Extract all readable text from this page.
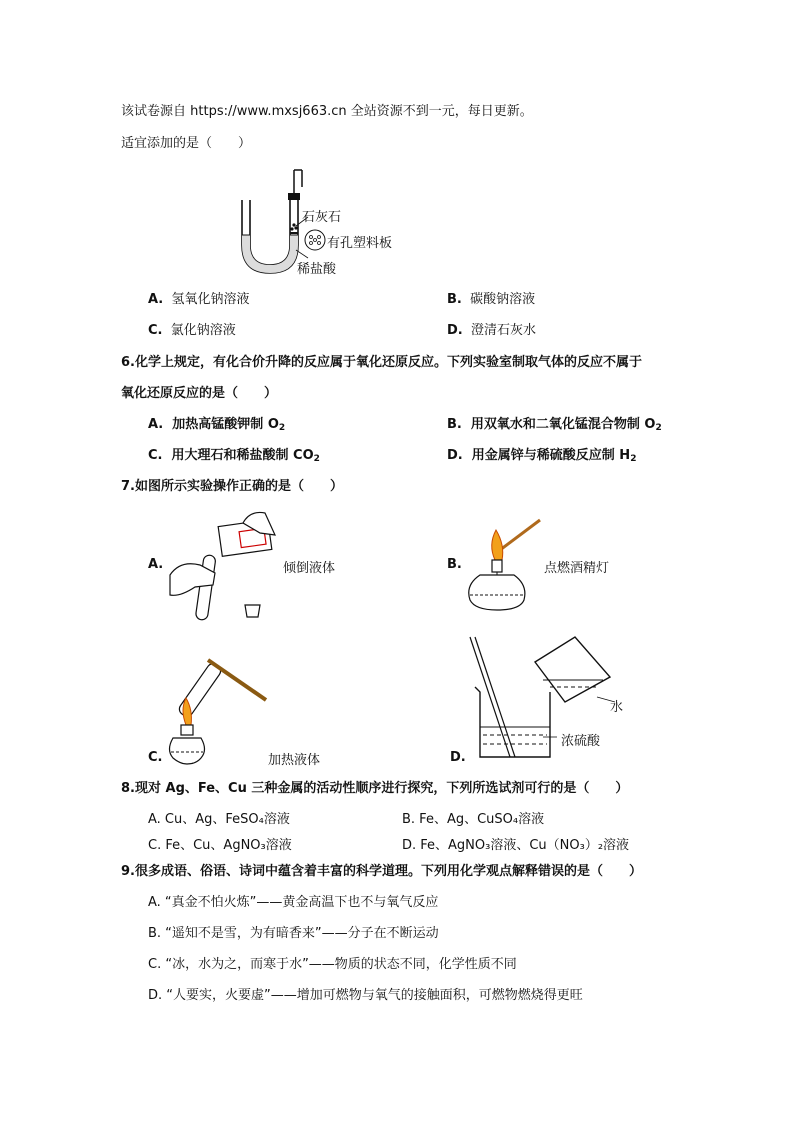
该试卷源自 https://www.mxsj663.cn 全站资源不到一元，每日更新。
适宜添加的是（　　）
石灰石
有孔塑料板
稀盐酸
A. 氢氧化钠溶液	B. 碳酸钠溶液
C. 氯化钠溶液	D. 澄清石灰水
6.化学上规定，有化合价升降的反应属于氧化还原反应。下列实验室制取气体的反应不属于
氧化还原反应的是（　　）
A.  加热高锰酸钾制 $O_2$	B.  用双氧水和二氧化锰混合物制 $O_2$
C.  用大理石和稀盐酸制 $CO_2$	D.  用金属锌与稀硫酸反应制 $H_2$
7.如图所示实验操作正确的是（　　）
A.	倾倒液体	B.	点燃酒精灯
C.	加热液体	D.
水
浓硫酸
8.现对 Ag、Fe、Cu 三种金属的活动性顺序进行探究，下列所选试剂可行的是（　　）
A. Cu、Ag、FeSO₄溶液	B. Fe、Ag、CuSO₄溶液
C. Fe、Cu、AgNO₃溶液	D. Fe、AgNO₃溶液、Cu（NO₃）₂溶液
9.很多成语、俗语、诗词中蕴含着丰富的科学道理。下列用化学观点解释错误的是（　　）
A. “真金不怕火炼”——黄金高温下也不与氧气反应
B. “遥知不是雪，为有暗香来”——分子在不断运动
C. “冰，水为之，而寒于水”——物质的状态不同，化学性质不同
D. “人要实，火要虚”——增加可燃物与氧气的接触面积，可燃物燃烧得更旺
